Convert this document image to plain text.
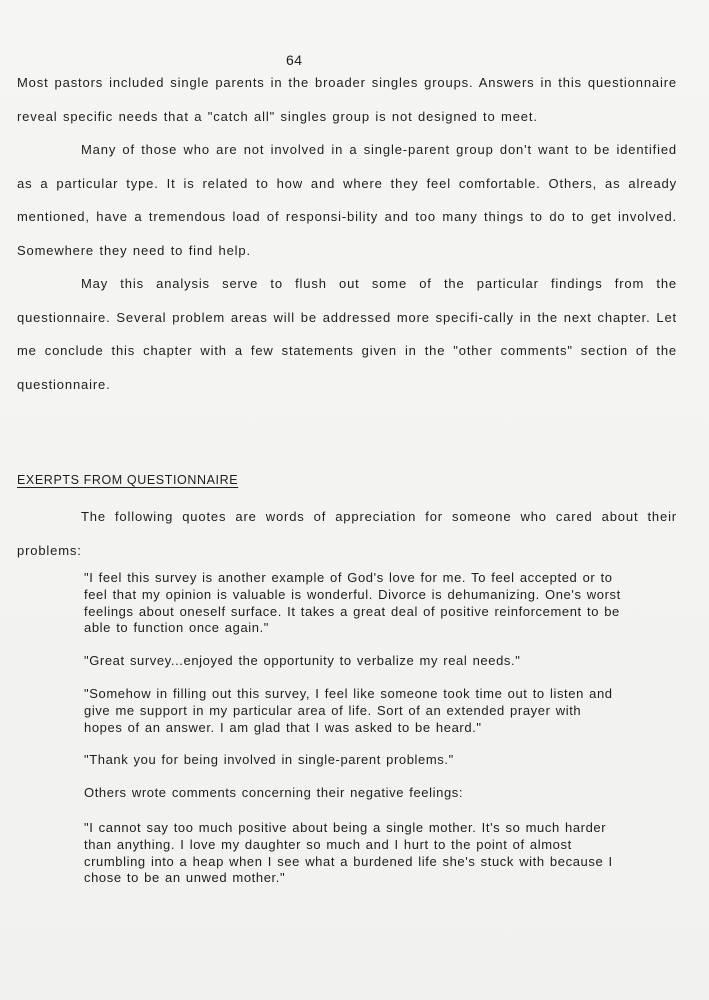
64

Most pastors included single parents in the broader singles groups. Answers in this questionnaire reveal specific needs that a "catch all" singles group is not designed to meet.

Many of those who are not involved in a single-parent group don't want to be identified as a particular type. It is related to how and where they feel comfortable. Others, as already mentioned, have a tremendous load of responsi-bility and too many things to do to get involved. Somewhere they need to find help.

May this analysis serve to flush out some of the particular findings from the questionnaire. Several problem areas will be addressed more specifi-cally in the next chapter. Let me conclude this chapter with a few statements given in the "other comments" section of the questionnaire.

EXERPTS FROM QUESTIONNAIRE

The following quotes are words of appreciation for someone who cared about their problems:

"I feel this survey is another example of God's love for me. To feel accepted or to feel that my opinion is valuable is wonderful. Divorce is dehumanizing. One's worst feelings about oneself surface. It takes a great deal of positive reinforcement to be able to function once again."

"Great survey...enjoyed the opportunity to verbalize my real needs."

"Somehow in filling out this survey, I feel like someone took time out to listen and give me support in my particular area of life. Sort of an extended prayer with hopes of an answer. I am glad that I was asked to be heard."

"Thank you for being involved in single-parent problems."

Others wrote comments concerning their negative feelings:

"I cannot say too much positive about being a single mother. It's so much harder than anything. I love my daughter so much and I hurt to the point of almost crumbling into a heap when I see what a burdened life she's stuck with because I chose to be an unwed mother."
